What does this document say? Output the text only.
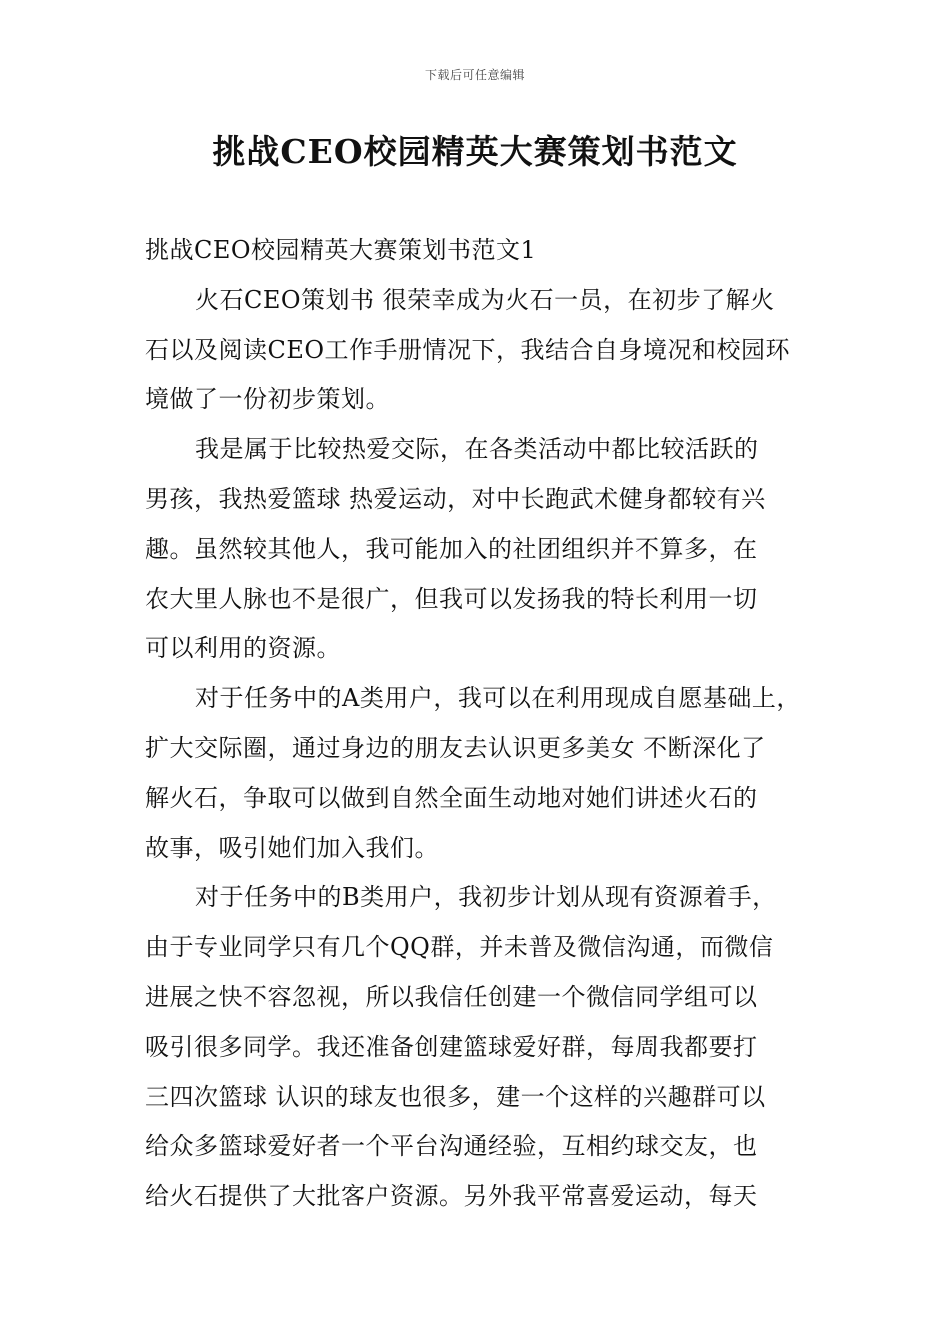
下载后可任意编辑
挑战CEO校园精英大赛策划书范文
挑战CEO校园精英大赛策划书范文1
火石CEO策划书 很荣幸成为火石一员，在初步了解火
石以及阅读CEO工作手册情况下，我结合自身境况和校园环
境做了一份初步策划。
我是属于比较热爱交际，在各类活动中都比较活跃的
男孩，我热爱篮球 热爱运动，对中长跑武术健身都较有兴
趣。虽然较其他人，我可能加入的社团组织并不算多，在
农大里人脉也不是很广，但我可以发扬我的特长利用一切
可以利用的资源。
对于任务中的A类用户，我可以在利用现成自愿基础上，
扩大交际圈，通过身边的朋友去认识更多美女 不断深化了
解火石，争取可以做到自然全面生动地对她们讲述火石的
故事，吸引她们加入我们。
对于任务中的B类用户，我初步计划从现有资源着手，
由于专业同学只有几个QQ群，并未普及微信沟通，而微信
进展之快不容忽视，所以我信任创建一个微信同学组可以
吸引很多同学。我还准备创建篮球爱好群，每周我都要打
三四次篮球 认识的球友也很多，建一个这样的兴趣群可以
给众多篮球爱好者一个平台沟通经验，互相约球交友，也
给火石提供了大批客户资源。另外我平常喜爱运动，每天
